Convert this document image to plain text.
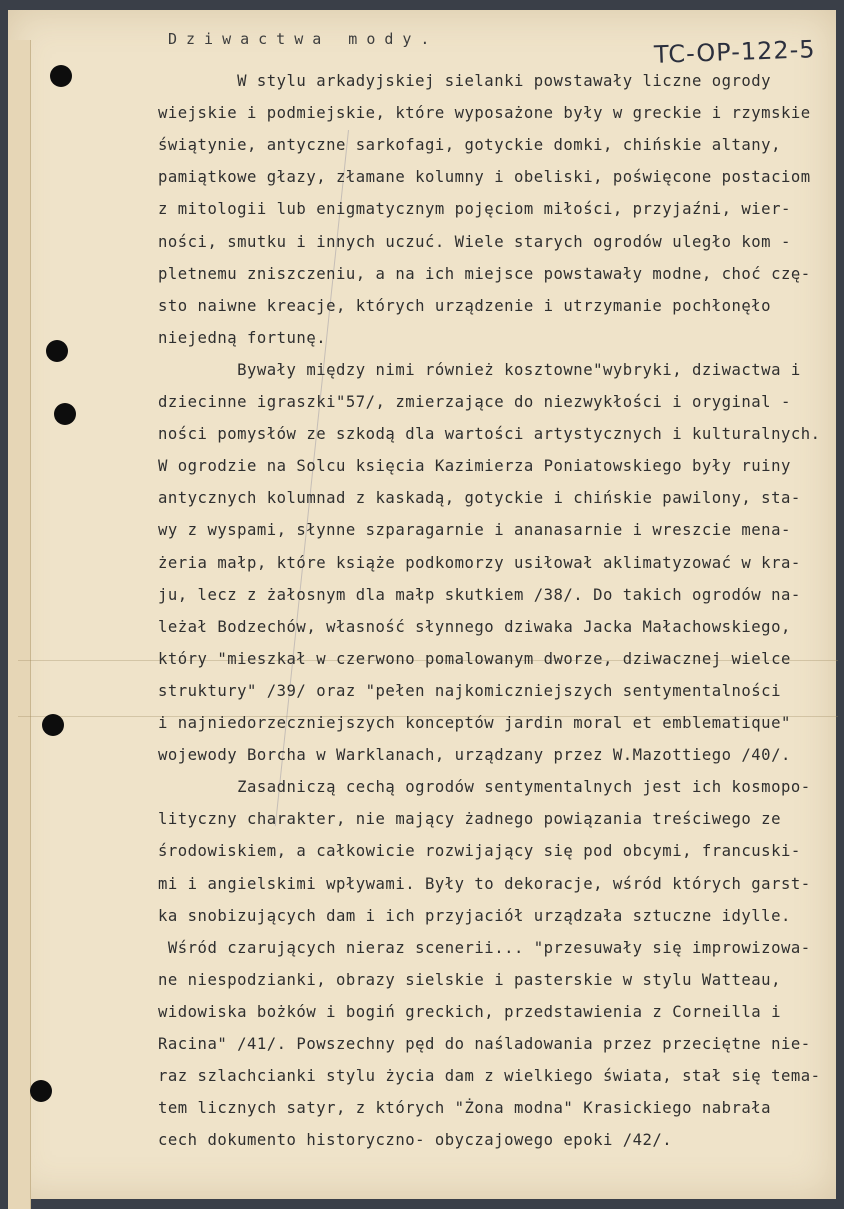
TC-OP-122-5
Dziwactwa mody.
W stylu arkadyjskiej sielanki powstawały liczne ogrody
wiejskie i podmiejskie, które wyposażone były w greckie i rzymskie
świątynie, antyczne sarkofagi, gotyckie domki, chińskie altany,
pamiątkowe głazy, złamane kolumny i obeliski, poświęcone postaciom
z mitologii lub enigmatycznym pojęciom miłości, przyjaźni, wier-
ności, smutku i innych uczuć. Wiele starych ogrodów uległo kom -
pletnemu zniszczeniu, a na ich miejsce powstawały modne, choć czę-
sto naiwne kreacje, których urządzenie i utrzymanie pochłonęło
niejedną fortunę.
Bywały między nimi również kosztowne"wybryki, dziwactwa i
dziecinne igraszki"57/, zmierzające do niezwykłości i oryginal -
ności pomysłów ze szkodą dla wartości artystycznych i kulturalnych.
W ogrodzie na Solcu księcia Kazimierza Poniatowskiego były ruiny
antycznych kolumnad z kaskadą, gotyckie i chińskie pawilony, sta-
wy z wyspami, słynne szparagarnie i ananasarnie i wreszcie mena-
żeria małp, które książe podkomorzy usiłował aklimatyzować w kra-
ju, lecz z żałosnym dla małp skutkiem /38/. Do takich ogrodów na-
leżał Bodzechów, własność słynnego dziwaka Jacka Małachowskiego,
który "mieszkał w czerwono pomalowanym dworze, dziwacznej wielce
struktury" /39/ oraz "pełen najkomiczniejszych sentymentalności
i najniedorzeczniejszych konceptów jardin moral et emblematique"
wojewody Borcha w Warklanach, urządzany przez W.Mazottiego /40/.
Zasadniczą cechą ogrodów sentymentalnych jest ich kosmopo-
lityczny charakter, nie mający żadnego powiązania treściwego ze
środowiskiem, a całkowicie rozwijający się pod obcymi, francuski-
mi i angielskimi wpływami. Były to dekoracje, wśród których garst-
ka snobizujących dam i ich przyjaciół urządzała sztuczne idylle.
Wśród czarujących nieraz scenerii... "przesuwały się improwizowa-
ne niespodzianki, obrazy sielskie i pasterskie w stylu Watteau,
widowiska bożków i bogiń greckich, przedstawienia z Corneilla i
Racina" /41/. Powszechny pęd do naśladowania przez przeciętne nie-
raz szlachcianki stylu życia dam z wielkiego świata, stał się tema-
tem licznych satyr, z których "Żona modna" Krasickiego nabrała
cech dokumento historyczno- obyczajowego epoki /42/.
